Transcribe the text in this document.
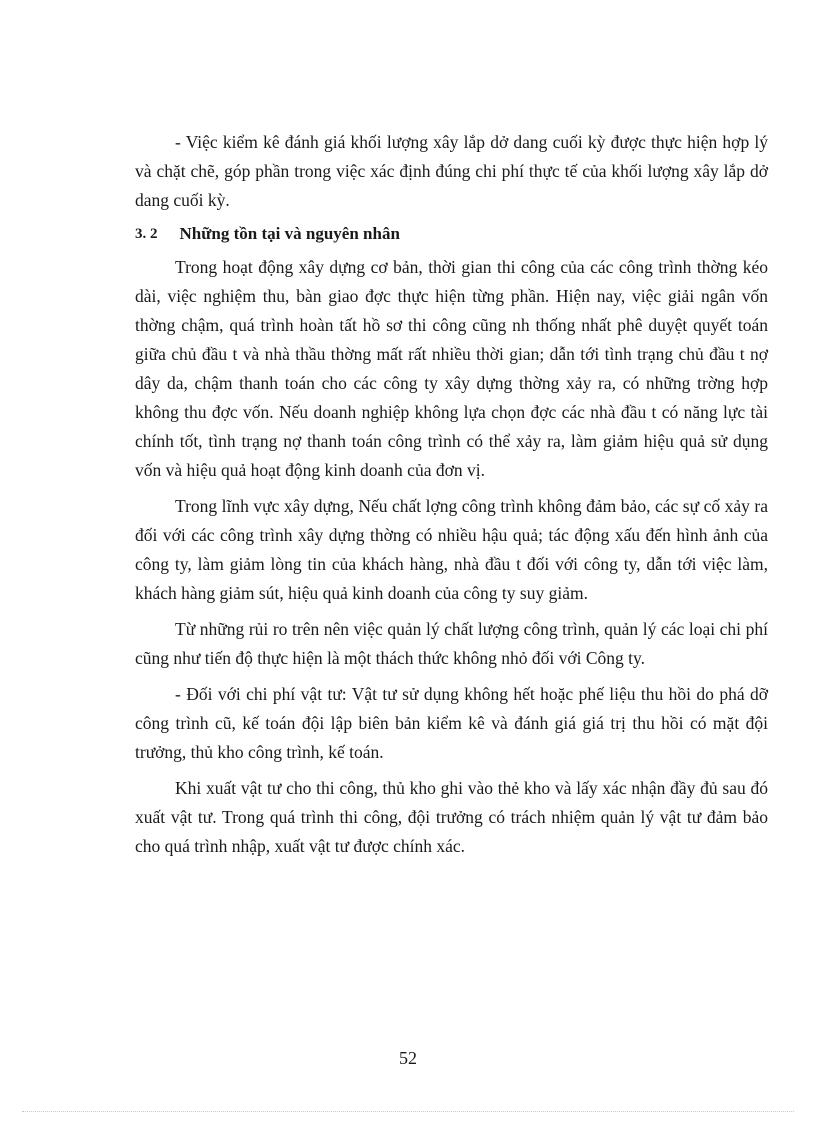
- Việc kiểm kê đánh giá khối lượng xây lắp dở dang cuối kỳ được thực hiện hợp lý và chặt chẽ, góp phần trong việc xác định đúng chi phí thực tế của khối lượng xây lắp dở dang cuối kỳ.

3. 2 Những tồn tại và nguyên nhân

Trong hoạt động xây dựng cơ bản, thời gian thi công của các công trình thờng kéo dài, việc nghiệm thu, bàn giao đợc thực hiện từng phần. Hiện nay, việc giải ngân vốn thờng chậm, quá trình hoàn tất hồ sơ thi công cũng nh thống nhất phê duyệt quyết toán giữa chủ đầu t và nhà thầu thờng mất rất nhiều thời gian; dẫn tới tình trạng chủ đầu t nợ dây da, chậm thanh toán cho các công ty xây dựng thờng xảy ra, có những trờng hợp không thu đợc vốn. Nếu doanh nghiệp không lựa chọn đợc các nhà đầu t có năng lực tài chính tốt, tình trạng nợ thanh toán công trình có thể xảy ra, làm giảm hiệu quả sử dụng vốn và hiệu quả hoạt động kinh doanh của đơn vị.

Trong lĩnh vực xây dựng, Nếu chất lợng công trình không đảm bảo, các sự cố xảy ra đối với các công trình xây dựng thờng có nhiều hậu quả; tác động xấu đến hình ảnh của công ty, làm giảm lòng tin của khách hàng, nhà đầu t đối với công ty, dẫn tới việc làm, khách hàng giảm sút, hiệu quả kinh doanh của công ty suy giảm.

Từ những rủi ro trên nên việc quản lý chất lượng công trình, quản lý các loại chi phí cũng như tiến độ thực hiện là một thách thức không nhỏ đối với Công ty.

- Đối với chi phí vật tư: Vật tư sử dụng không hết hoặc phế liệu thu hồi do phá dỡ công trình cũ, kế toán đội lập biên bản kiểm kê và đánh giá giá trị thu hồi có mặt đội trưởng, thủ kho công trình, kế toán.

Khi xuất vật tư cho thi công, thủ kho ghi vào thẻ kho và lấy xác nhận đầy đủ sau đó xuất vật tư. Trong quá trình thi công, đội trưởng có trách nhiệm quản lý vật tư đảm bảo cho quá trình nhập, xuất vật tư được chính xác.

52
